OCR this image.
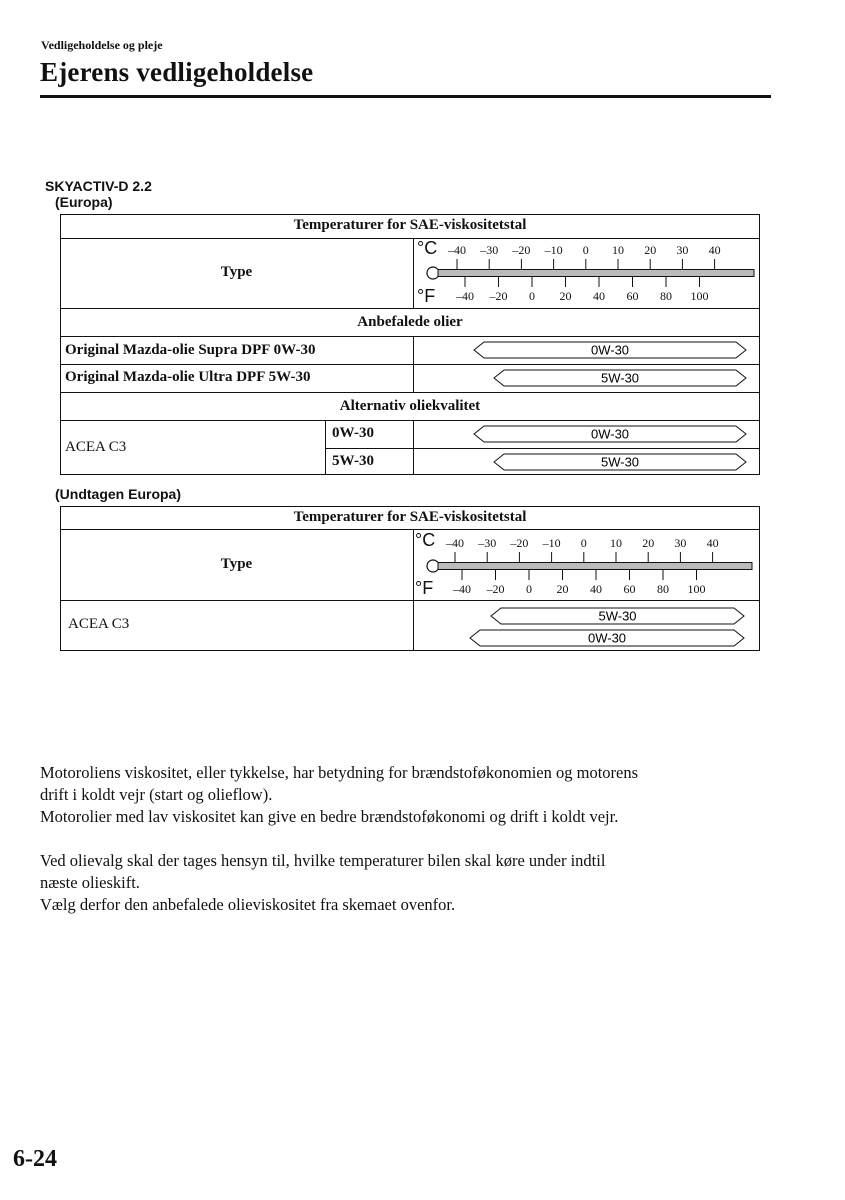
Vedligeholdelse og pleje
Ejerens vedligeholdelse
SKYACTIV-D 2.2
(Europa)
Temperaturer for SAE-viskositetstal
Type
°C
°F
–40 –30 –20 –10 0 10 20 30 40
–40 –20 0 20 40 60 80 100
Anbefalede olier
Original Mazda-olie Supra DPF 0W-30
Original Mazda-olie Ultra DPF 5W-30
Alternativ oliekvalitet
ACEA C3
0W-30
5W-30
(Undtagen Europa)
Temperaturer for SAE-viskositetstal
Type
°C
°F
–40 –30 –20 –10 0 10 20 30 40
–40 –20 0 20 40 60 80 100
ACEA C3
0W-30
5W-30
0W-30
5W-30
5W-30
0W-30
Motoroliens viskositet, eller tykkelse, har betydning for brændstoføkonomien og motorens
drift i koldt vejr (start og olieflow).
Motorolier med lav viskositet kan give en bedre brændstoføkonomi og drift i koldt vejr.
Ved olievalg skal der tages hensyn til, hvilke temperaturer bilen skal køre under indtil
næste olieskift.
Vælg derfor den anbefalede olieviskositet fra skemaet ovenfor.
6-24
